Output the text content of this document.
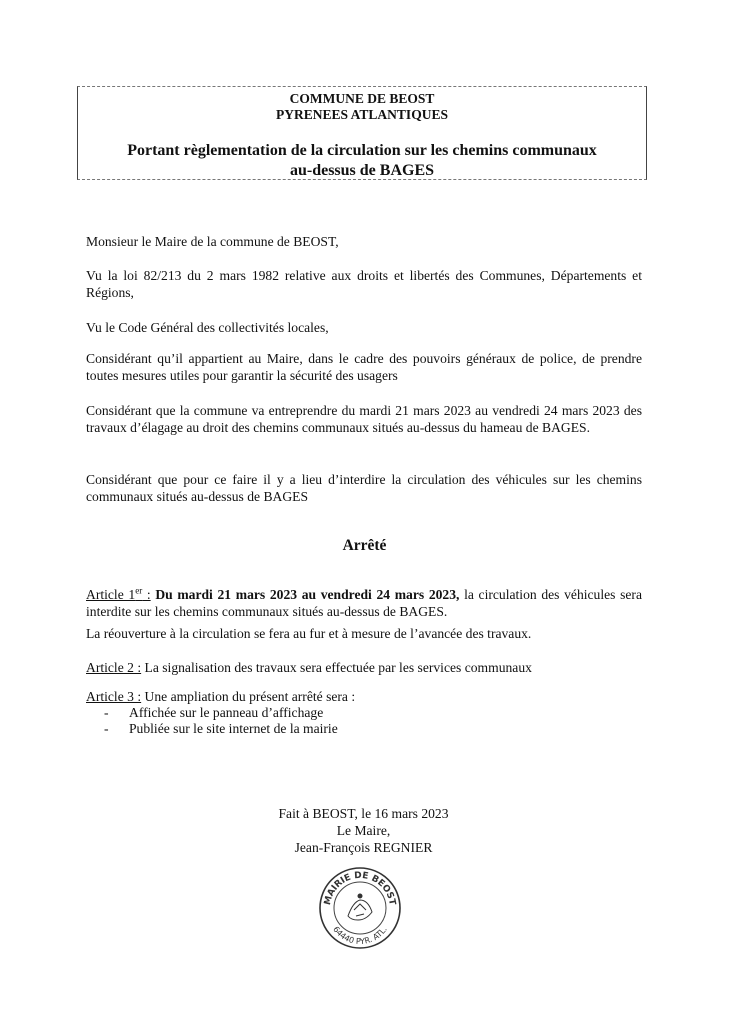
COMMUNE DE BEOST
PYRENEES ATLANTIQUES
Portant règlementation de la circulation sur les chemins communaux
au-dessus de BAGES
Monsieur le Maire de la commune de BEOST,
Vu la loi 82/213 du 2 mars 1982 relative aux droits et libertés des Communes, Départements et Régions,
Vu le Code Général des collectivités locales,
Considérant qu’il appartient au Maire, dans le cadre des pouvoirs généraux de police, de prendre toutes mesures utiles pour garantir la sécurité des usagers
Considérant que la commune va entreprendre du mardi 21 mars 2023 au vendredi 24 mars 2023 des travaux d’élagage au droit des chemins communaux situés au-dessus du hameau de BAGES.
Considérant que pour ce faire il y a lieu d’interdire la circulation des véhicules sur les chemins communaux situés au-dessus de BAGES
Arrêté
Article 1er : Du mardi 21 mars 2023 au vendredi 24 mars 2023, la circulation des véhicules sera interdite sur les chemins communaux situés au-dessus de BAGES.
La réouverture à la circulation se fera au fur et à mesure de l’avancée des travaux.
Article 2 : La signalisation des travaux sera effectuée par les services communaux
Article 3 : Une ampliation du présent arrêté sera :
-	Affichée sur le panneau d’affichage
-	Publiée sur le site internet de la mairie
Fait à BEOST, le 16 mars 2023
Le Maire,
Jean-François REGNIER
MAIRIE DE BEOST
64440 PYR. ATL.
